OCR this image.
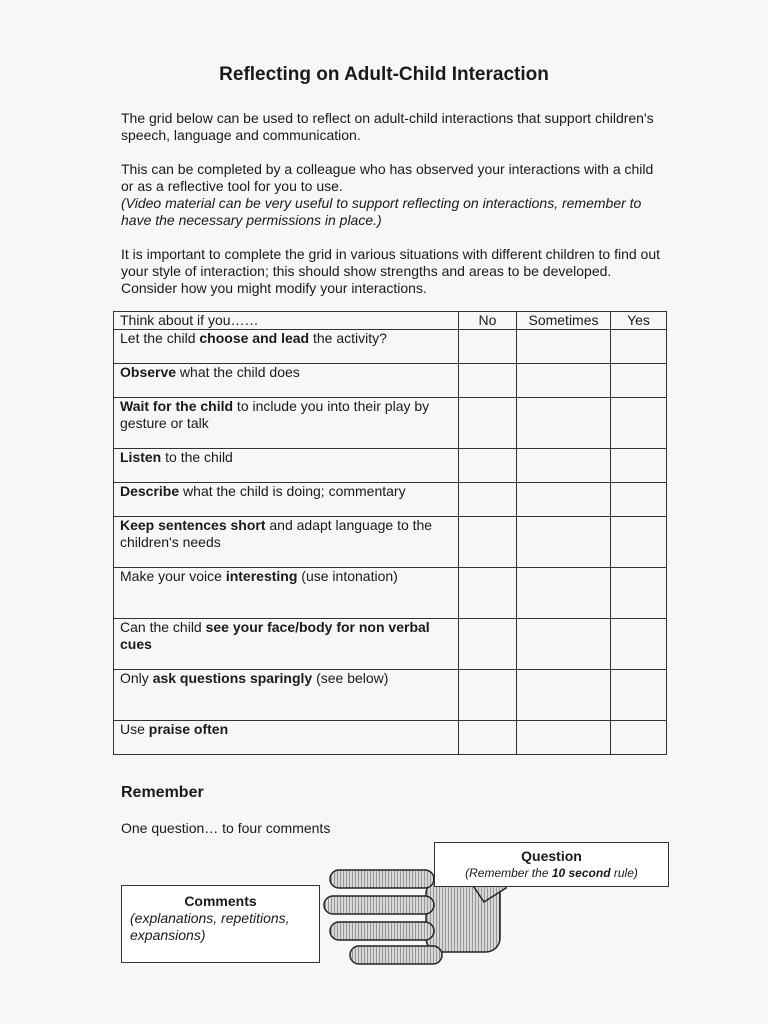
Reflecting on Adult-Child Interaction
The grid below can be used to reflect on adult-child interactions that support children's speech, language and communication.
This can be completed by a colleague who has observed your interactions with a child or as a reflective tool for you to use.
(Video material can be very useful to support reflecting on interactions, remember to have the necessary permissions in place.)
It is important to complete the grid in various situations with different children to find out your style of interaction; this should show strengths and areas to be developed. Consider how you might modify your interactions.
Think about if you……	No	Sometimes	Yes
Let the child choose and lead the activity?			
Observe what the child does			
Wait for the child to include you into their play by gesture or talk			
Listen to the child			
Describe what the child is doing; commentary			
Keep sentences short and adapt language to the children's needs			
Make your voice interesting (use intonation)			
Can the child see your face/body for non verbal cues			
Only ask questions sparingly (see below)			
Use praise often			
Remember
One question… to four comments
Question
(Remember the 10 second rule)
Comments
(explanations, repetitions, expansions)
